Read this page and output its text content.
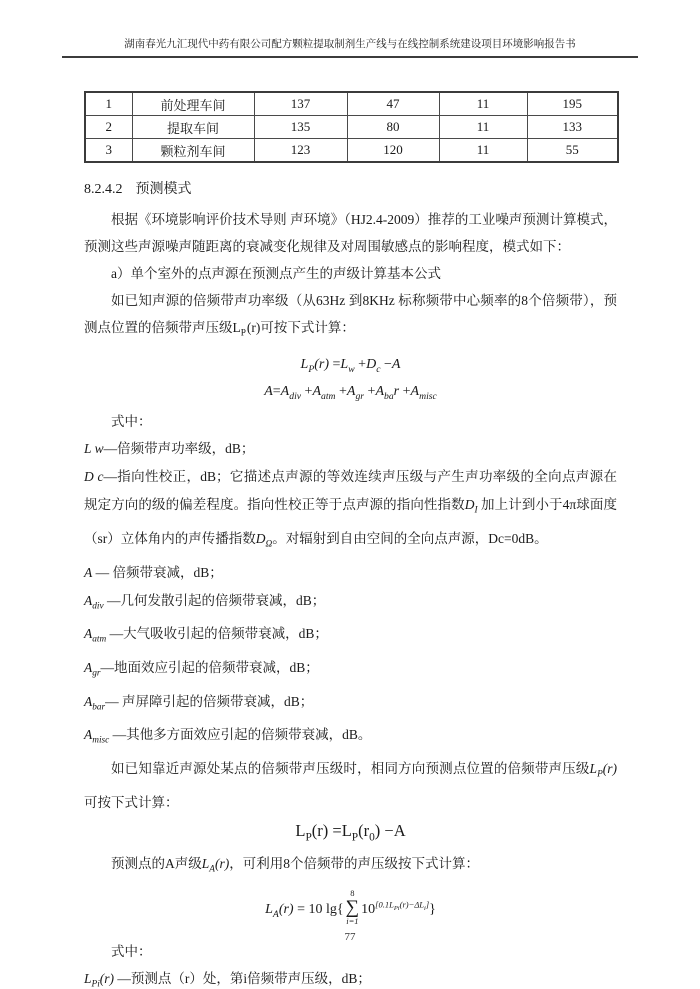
湖南春光九汇现代中药有限公司配方颗粒提取制剂生产线与在线控制系统建设项目环境影响报告书
1	前处理车间	137	47	11	195
2	提取车间	135	80	11	133
3	颗粒剂车间	123	120	11	55
8.2.4.2 预测模式

根据《环境影响评价技术导则 声环境》（HJ2.4-2009）推荐的工业噪声预测计算模式，预测这些声源噪声随距离的衰减变化规律及对周围敏感点的影响程度，模式如下：

a）单个室外的点声源在预测点产生的声级计算基本公式

如已知声源的倍频带声功率级（从63Hz 到8KHz 标称频带中心频率的8个倍频带），预测点位置的倍频带声压级$L_P(r)$可按下式计算：

$L_P(r) =L_w +D_c -A$
$A=A_{div} +A_{atm} +A_{gr} +A_{ba}r +A_{misc}$

式中：

L w—倍频带声功率级，dB；

D c—指向性校正，dB；它描述点声源的等效连续声压级与产生声功率级的全向点声源在规定方向的级的偏差程度。指向性校正等于点声源的指向性指数$D_I$ 加上计到小于4π球面度（sr）立体角内的声传播指数$D_\Omega$。对辐射到自由空间的全向点声源，Dc=0dB。

A — 倍频带衰减，dB；

$A_{div}$ —几何发散引起的倍频带衰减，dB；

$A_{atm}$ —大气吸收引起的倍频带衰减，dB；

$A_{gr}—$地面效应引起的倍频带衰减，dB；

$A_{bar}—$ 声屏障引起的倍频带衰减，dB；

$A_{misc}$ —其他多方面效应引起的倍频带衰减，dB。

如已知靠近声源处某点的倍频带声压级时，相同方向预测点位置的倍频带声压级$L_P(r)$可按下式计算：

$L_P(r) =L_P(r_0) -A$

预测点的A声级$L_A(r)$，可利用8个倍频带的声压级按下式计算：

$L_A(r) = 10$ lg{
8
∑
i=1
10[0.1LPi(r)−ΔLi]}

式中：

$L_{Pi}(r)$ —预测点（r）处，第i倍频带声压级，dB；

77
